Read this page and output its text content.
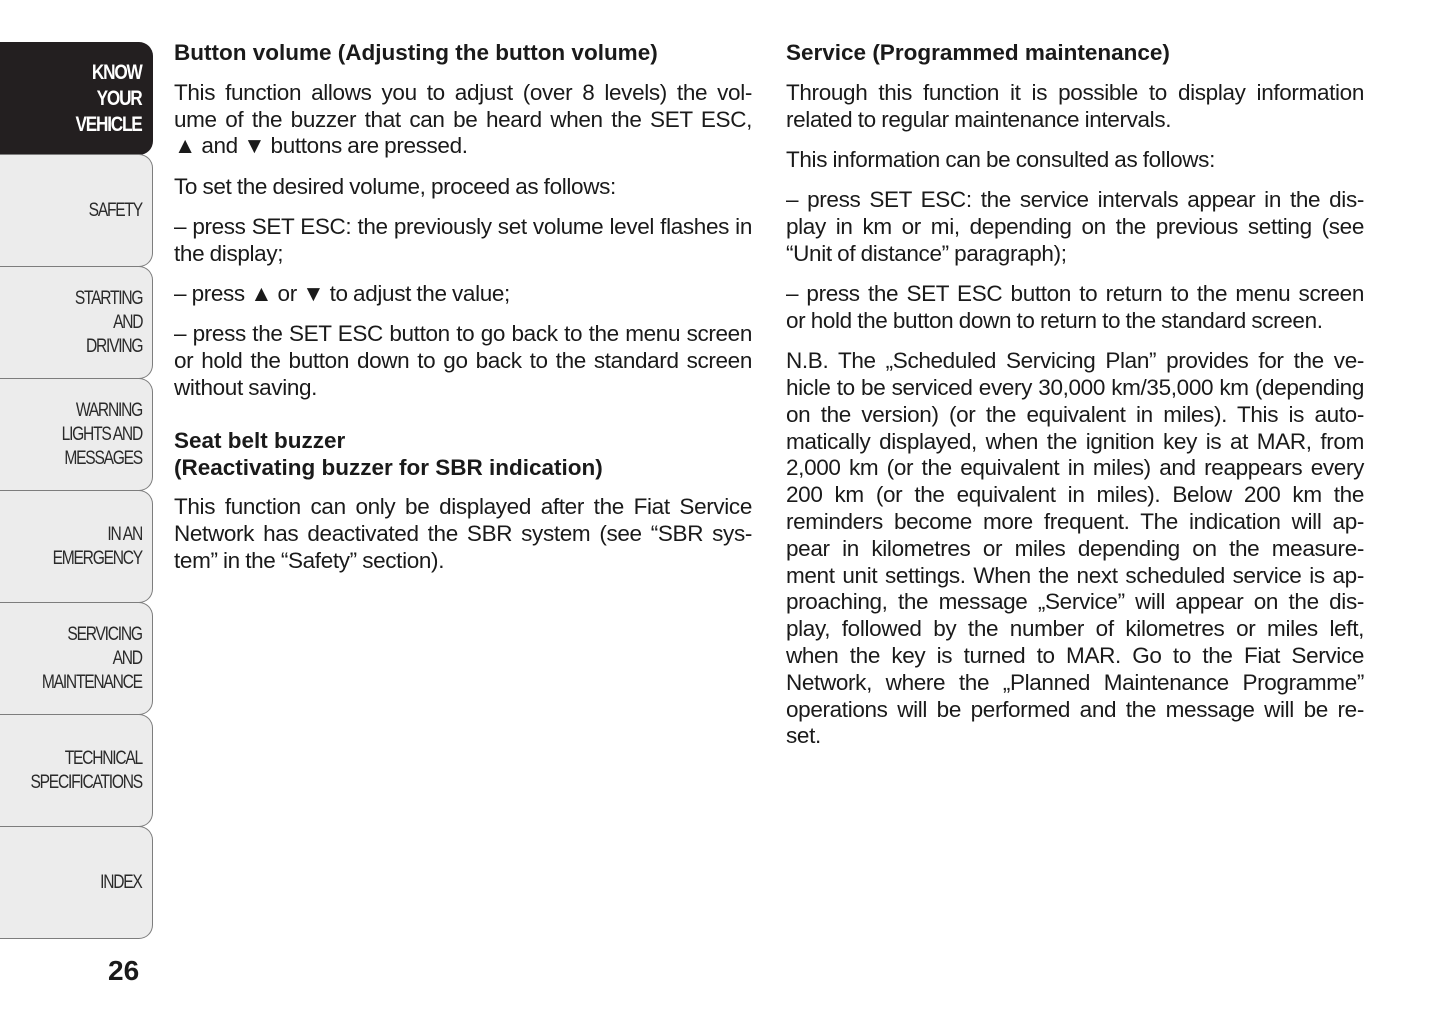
KNOW
YOUR
VEHICLE
SAFETY
STARTING
AND
DRIVING
WARNING
LIGHTS AND
MESSAGES
IN AN
EMERGENCY
SERVICING
AND
MAINTENANCE
TECHNICAL
SPECIFICATIONS
INDEX
26
Button volume (Adjusting the button volume)

This function allows you to adjust (over 8 levels) the vol-
ume of the buzzer that can be heard when the SET ESC,
▲ and ▼ buttons are pressed.

To set the desired volume, proceed as follows:

– press SET ESC: the previously set volume level flashes in
the display;

– press ▲ or ▼ to adjust the value;

– press the SET ESC button to go back to the menu screen
or hold the button down to go back to the standard screen
without saving.

Seat belt buzzer
(Reactivating buzzer for SBR indication)

This function can only be displayed after the Fiat Service
Network has deactivated the SBR system (see “SBR sys-
tem” in the “Safety” section).

Service (Programmed maintenance)

Through this function it is possible to display information
related to regular maintenance intervals.

This information can be consulted as follows:

– press SET ESC: the service intervals appear in the dis-
play in km or mi, depending on the previous setting (see
“Unit of distance” paragraph);

– press the SET ESC button to return to the menu screen
or hold the button down to return to the standard screen.

N.B. The „Scheduled Servicing Plan” provides for the ve-
hicle to be serviced every 30,000 km/35,000 km (depending
on the version) (or the equivalent in miles). This is auto-
matically displayed, when the ignition key is at MAR, from
2,000 km (or the equivalent in miles) and reappears every
200 km (or the equivalent in miles). Below 200 km the
reminders become more frequent. The indication will ap-
pear in kilometres or miles depending on the measure-
ment unit settings. When the next scheduled service is ap-
proaching, the message „Service” will appear on the dis-
play, followed by the number of kilometres or miles left,
when the key is turned to MAR. Go to the Fiat Service
Network, where the „Planned Maintenance Programme”
operations will be performed and the message will be re-
set.
